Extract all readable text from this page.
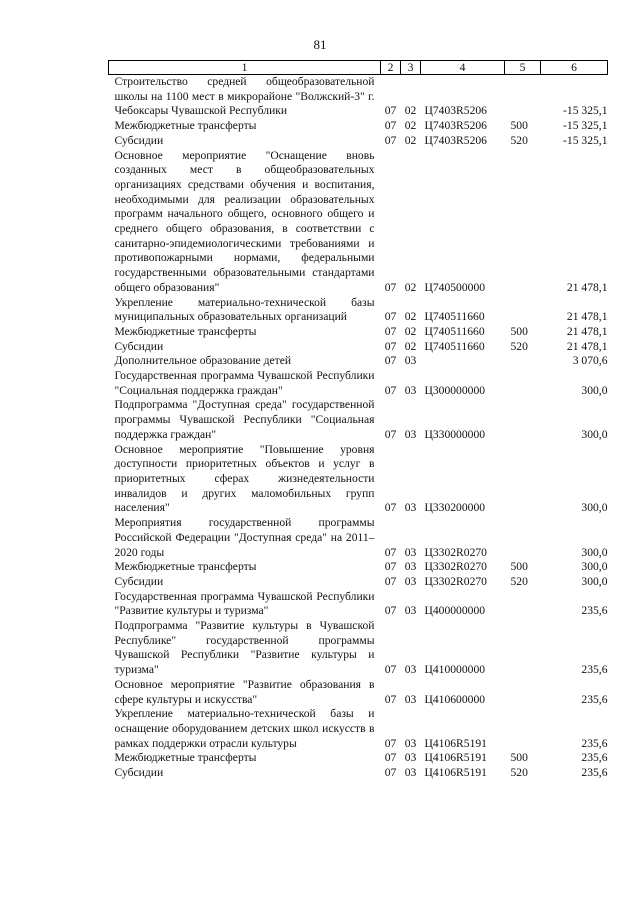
81
1	2	3	4	5	6
Строительство средней общеобразовательной школы на 1100 мест в микрорайоне "Волжский-3" г. Чебоксары Чувашской Республики	07	02	Ц7403R5206		-15 325,1
Межбюджетные трансферты	07	02	Ц7403R5206	500	-15 325,1
Субсидии	07	02	Ц7403R5206	520	-15 325,1
Основное мероприятие "Оснащение вновь созданных мест в общеобразовательных организациях средствами обучения и воспитания, необходимыми для реализации образовательных программ начального общего, основного общего и среднего общего образования, в соответствии с санитарно-эпидемиологическими требованиями и противопожарными нормами, федеральными государственными образовательными стандартами общего образования"	07	02	Ц740500000		21 478,1
Укрепление материально-технической базы муниципальных образовательных организаций	07	02	Ц740511660		21 478,1
Межбюджетные трансферты	07	02	Ц740511660	500	21 478,1
Субсидии	07	02	Ц740511660	520	21 478,1
Дополнительное образование детей	07	03			3 070,6
Государственная программа Чувашской Республики "Социальная поддержка граждан"	07	03	Ц300000000		300,0
Подпрограмма "Доступная среда" государственной программы Чувашской Республики "Социальная поддержка граждан"	07	03	Ц330000000		300,0
Основное мероприятие "Повышение уровня доступности приоритетных объектов и услуг в приоритетных сферах жизнедеятельности инвалидов и других маломобильных групп населения"	07	03	Ц330200000		300,0
Мероприятия государственной программы Российской Федерации "Доступная среда" на 2011–2020 годы	07	03	Ц3302R0270		300,0
Межбюджетные трансферты	07	03	Ц3302R0270	500	300,0
Субсидии	07	03	Ц3302R0270	520	300,0
Государственная программа Чувашской Республики "Развитие культуры и туризма"	07	03	Ц400000000		235,6
Подпрограмма "Развитие культуры в Чувашской Республике" государственной программы Чувашской Республики "Развитие культуры и туризма"	07	03	Ц410000000		235,6
Основное мероприятие "Развитие образования в сфере культуры и искусства"	07	03	Ц410600000		235,6
Укрепление материально-технической базы и оснащение оборудованием детских школ искусств в рамках поддержки отрасли культуры	07	03	Ц4106R5191		235,6
Межбюджетные трансферты	07	03	Ц4106R5191	500	235,6
Субсидии	07	03	Ц4106R5191	520	235,6
